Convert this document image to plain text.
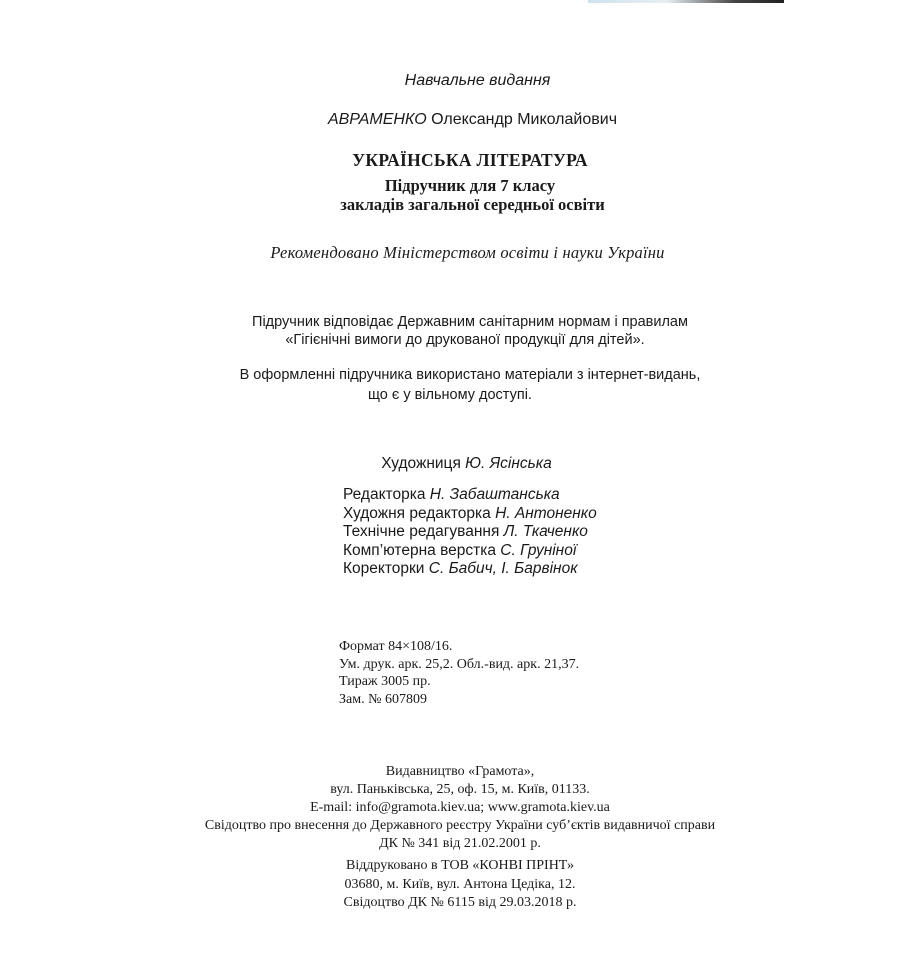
Навчальне видання
АВРАМЕНКО Олександр Миколайович
УКРАЇНСЬКА ЛІТЕРАТУРА
Підручник для 7 класу
закладів загальної середньої освіти
Рекомендовано Міністерством освіти і науки України
Підручник відповідає Державним санітарним нормам і правилам
«Гігієнічні вимоги до друкованої продукції для дітей».
В оформленні підручника використано матеріали з інтернет-видань,
що є у вільному доступі.
Художниця Ю. Ясінська
Редакторка Н. Забаштанська
Художня редакторка Н. Антоненко
Технічне редагування Л. Ткаченко
Комп’ютерна верстка С. Груніної
Коректорки С. Бабич, І. Барвінок
Формат 84×108/16.
Ум. друк. арк. 25,2. Обл.-вид. арк. 21,37.
Тираж 3005 пр.
Зам. № 607809
Видавництво «Грамота»,
вул. Паньківська, 25, оф. 15, м. Київ, 01133.
E-mail: info@gramota.kiev.ua; www.gramota.kiev.ua
Свідоцтво про внесення до Державного реєстру України суб’єктів видавничої справи
ДК № 341 від 21.02.2001 р.
Віддруковано в ТОВ «КОНВІ ПРІНТ»
03680, м. Київ, вул. Антона Цедіка, 12.
Свідоцтво ДК № 6115 від 29.03.2018 р.
